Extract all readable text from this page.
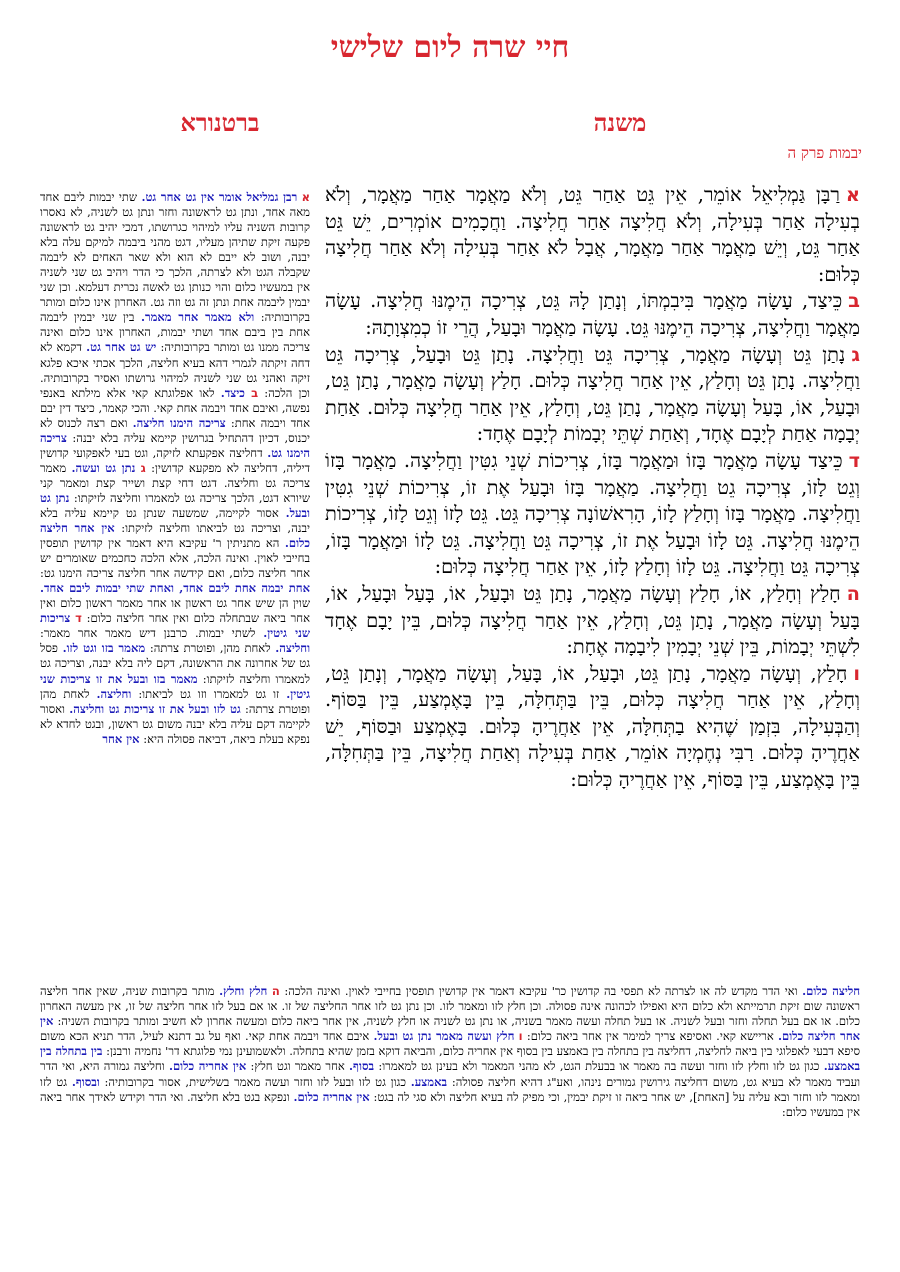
חיי שרה ליום שלישי
משנה
ברטנורא
יבמות פרק ה

ארַבָּן גַּמְלִיאֵל אוֹמֵר, אֵין גֵּט אַחַר גֵּט, וְלֹא מַאֲמָר אַחַר מַאֲמָר, וְלֹא בְעִילָה אַחַר בְּעִילָה, וְלֹא חֲלִיצָה אַחַר חֲלִיצָה. וַחֲכָמִים אוֹמְרִים, יֵשׁ גֵּט אַחַר גֵּט, וְיֵשׁ מַאֲמָר אַחַר מַאֲמָר, אֲבָל לֹא אַחַר בְּעִילָה וְלֹא אַחַר חֲלִיצָה כְּלוּם:

בכֵּיצַד, עָשָׂה מַאֲמָר בִּיבִמְתּוֹ, וְנָתַן לָהּ גֵּט, צְרִיכָה הֵימֶנּוּ חֲלִיצָה. עָשָׂה מַאֲמָר וַחֲלִיצָה, צְרִיכָה הֵימֶנּוּ גֵּט. עָשָׂה מַאֲמָר וּבָעַל, הֲרֵי זוֹ כְמִצְוָתָהּ:

גנָתַן גֵּט וְעָשָׂה מַאֲמָר, צְרִיכָה גֵּט וַחֲלִיצָה. נָתַן גֵּט וּבָעַל, צְרִיכָה גֵּט וַחֲלִיצָה. נָתַן גֵּט וְחָלַץ, אֵין אַחַר חֲלִיצָה כְּלוּם. חָלַץ וְעָשָׂה מַאֲמָר, נָתַן גֵּט, וּבָעַל, אוֹ, בָּעַל וְעָשָׂה מַאֲמָר, נָתַן גֵּט, וְחָלַץ, אֵין אַחַר חֲלִיצָה כְּלוּם. אַחַת יְבָמָה אַחַת לְיָבָם אֶחָד, וְאַחַת שְׁתֵּי יְבָמוֹת לְיָבָם אֶחָד:

דכֵּיצַד עָשָׂה מַאֲמָר בָּזוֹ וּמַאֲמָר בָּזוֹ, צְרִיכוֹת שְׁנֵי גִטִּין וַחֲלִיצָה. מַאֲמָר בָּזוֹ וְגֵט לָזוֹ, צְרִיכָה גֵט וַחֲלִיצָה. מַאֲמָר בָּזוֹ וּבָעַל אֶת זוֹ, צְרִיכוֹת שְׁנֵי גִטִּין וַחֲלִיצָה. מַאֲמָר בָּזוֹ וְחָלַץ לָזוֹ, הָרִאשׁוֹנָה צְרִיכָה גֵּט. גֵּט לָזוֹ וְגֵט לָזוֹ, צְרִיכוֹת הֵימֶנּוּ חֲלִיצָה. גֵּט לָזוֹ וּבָעַל אֶת זוֹ, צְרִיכָה גֵּט וַחֲלִיצָה. גֵּט לָזוֹ וּמַאֲמָר בָּזוֹ, צְרִיכָה גֵּט וַחֲלִיצָה. גֵּט לָזוֹ וְחָלַץ לָזוֹ, אֵין אַחַר חֲלִיצָה כְּלוּם:

החָלַץ וְחָלַץ, אוֹ, חָלַץ וְעָשָׂה מַאֲמָר, נָתַן גֵּט וּבָעַל, אוֹ, בָּעַל וּבָעַל, אוֹ, בָּעַל וְעָשָׂה מַאֲמָר, נָתַן גֵּט, וְחָלַץ, אֵין אַחַר חֲלִיצָה כְּלוּם, בֵּין יָבָם אֶחָד לִשְׁתֵּי יְבָמוֹת, בֵּין שְׁנֵי יְבָמִין לִיבָמָה אֶחָת:

וחָלַץ, וְעָשָׂה מַאֲמָר, נָתַן גֵּט, וּבָעַל, אוֹ, בָּעַל, וְעָשָׂה מַאֲמָר, וְנָתַן גֵּט, וְחָלַץ, אֵין אַחַר חֲלִיצָה כְּלוּם, בֵּין בַּתְּחִלָּה, בֵּין בָּאֶמְצַע, בֵּין בַּסּוֹף. וְהַבְּעִילָה, בִּזְמַן שֶׁהִיא בַתְּחִלָּה, אֵין אַחֲרֶיהָ כְּלוּם. בָּאֶמְצַע וּבַסּוֹף, יֵשׁ אַחֲרֶיהָ כְּלוּם. רַבִּי נְחֶמְיָה אוֹמֵר, אַחַת בְּעִילָה וְאַחַת חֲלִיצָה, בֵּין בַּתְּחִלָּה, בֵּין בָּאֶמְצַע, בֵּין בַּסּוֹף, אֵין אַחֲרֶיהָ כְּלוּם:

א רבן גמליאל אומר אין גט אחר גט. שתי יבמות ליבם אחד מאה אחד, ונתן גט לראשונה וחזר ונתן גט לשניה, לא נאסרו קרובות השניה עליו למיהוי כגרושתו, דמכי יהיב גט לראשונה פקעה זיקת שתיהן מעליו, דגט מהני ביבמה למיקם עלה בלא יבנה, ושוב לא ייבם לא הוא ולא שאר האחים לא ליבמה שקבלה הגט ולא לצרתה, הלכך כי הדר ויהיב גט שני לשניה אין במעשיו כלום והוי כנותן גט לאשה נכרית דעלמא. וכן שני יבמין ליבמה אחת ונתן זה גט וזה גט. האחרון אינו כלום ומותר בקרובותיה: ולא מאמר אחר מאמר. בין שני יבמין ליבמה אחת בין ביבם אחד ושתי יבמות, האחרון אינו כלום ואינה צריכה ממנו גט ומותר בקרובותיה: יש גט אחר גט. דקמא לא דחה זיקתה לגמרי דהא בעיא חליצה, הלכך אכתי איכא פלגא זיקה ואהני גט שני לשניה למיהוי גרושתו ואסיר בקרובותיה. וכן הלכה: ב כיצד. לאו אפלוגתא קאי אלא מילתא באנפי נפשה, ואיבם אחד ויבמה אחת קאי. והכי קאמר, כיצד דין יבם אחד ויבמה אחת: צריכה הימנו חליצה. ואם רצה לכנוס לא יכנוס, דכיון דהתחיל בגרושין קיימא עליה בלא יבנה: צריכה הימנו גט. דחליצה אפקעתא לזיקה, וגט בעי לאפקועי קדושין דיליה, דחליצה לא מפקעא קדושין: ג נתן גט ועשה. מאמר צריכה גט וחליצה. דגט דחי קצת ושייר קצת ומאמר קני שיורא דגט, הלכך צריכה גט למאמרו וחליצה לזיקתו: נתן גט ובעל. אסור לקיימה, שמשעה שנתן גט קיימא עליה בלא יבנה, וצריכה גט לביאתו וחליצה לזיקתו: אין אחר חליצה כלום. הא מתניתין ר' עקיבא היא דאמר אין קדושין תופסין בחייבי לאוין. ואינה הלכה, אלא הלכה כחכמים שאומרים יש אחר חליצה כלום, ואם קידשה אחר חליצה צריכה הימנו גט: אחת יבמה אחת ליבם אחד, ואחת שתי יבמות ליבם אחד. שוין הן שיש אחר גט ראשון או אחר מאמר ראשון כלום ואין אחר ביאה שבתחלה כלום ואין אחר חליצה כלום: ד צריכות שני גיטין. לשתי יבמות. כרבנן דיש מאמר אחר מאמר: וחליצה. לאחת מהן, ופוטרת צרתה: מאמר בזו וגט לזו. פסל גט של אחרונה את הראשונה, דקם ליה בלא יבנה, וצריכה גט למאמרו וחליצה לזיקתו: מאמר בזו ובעל את זו צריכות שני גיטין. זו גט למאמרו וזו גט לביאתו: וחליצה. לאחת מהן ופוטרת צרתה: גט לזו ובעל את זו צריכות גט וחליצה. ואסור לקיימה דקם עליה בלא יבנה משום גט ראשון, ובגט לחדא לא נפקא בעלת ביאה, דביאה פסולה היא: אין אחר
חליצה כלום. ואי הדר מקדש לה או לצרתה לא תפסי בה קדושין כר' עקיבא דאמר אין קדושין תופסין בחייבי לאוין. ואינה הלכה: ה חלץ וחלץ. מותר בקרובות שניה, שאין אחר חליצה ראשונה שום זיקת תרמייתא ולא כלום היא ואפילו לכהונה אינה פסולה. וכן חלץ לזו ומאמר לזו. וכן נתן גט לזו אחר החליצה של זו. או אם בעל לזו אחר חליצה של זו, אין מעשה האחרון כלום. או אם בעל תחלה וחזר ובעל לשניה. או בעל תחלה ועשה מאמר בשניה, או נתן גט לשניה או חלץ לשניה, אין אחר ביאה כלום ומעשה אחרון לא חשיב ומותר בקרובות השניה: אין אחר חליצה כלום. אריישא קאי. ואסיפא צריך למימר אין אחר ביאה כלום: ו חלץ ועשה מאמר נתן גט ובעל. איבם אחד ויבמה אחת קאי. ואף על גב דתנא לעיל, הדר תניא הכא משום סיפא דבעי לאפלוגי בין ביאה לחליצה, דחליצה בין בתחלה בין באמצע בין בסוף אין אחריה כלום, והביאה דוקא בזמן שהיא בתחלה. ולאשמועינן נמי פלוגתא דר' נחמיה ורבנן: בין בתחלה בין באמצע. כגון גט לזו וחלץ לזו וחזר ועשה בה מאמר או בבעלת הגט, לא מהני המאמר ולא בעינן גט למאמרו: בסוף. אחר מאמר וגט חלץ: אין אחריה כלום. וחליצה גמורה היא, ואי הדר ועביד מאמר לא בעיא גט, משום דחליצה גירושין גמורים נינהו, ואע"ג דהיא חליצה פסולה: באמצע. כגון גט לזו ובעל לזו וחזר ועשה מאמר בשלישית, אסור בקרובותיה: ובסוף. גט לזו ומאמר לזו וחזר ובא עליה על [האחת], יש אחר ביאה זו זיקת יבמין, וכי מפיק לה בעיא חליצה ולא סגי לה בגט: אין אחריה כלום. ונפקא בגט בלא חליצה. ואי הדר וקידש לאידך אחר ביאה אין במעשיו כלום:
